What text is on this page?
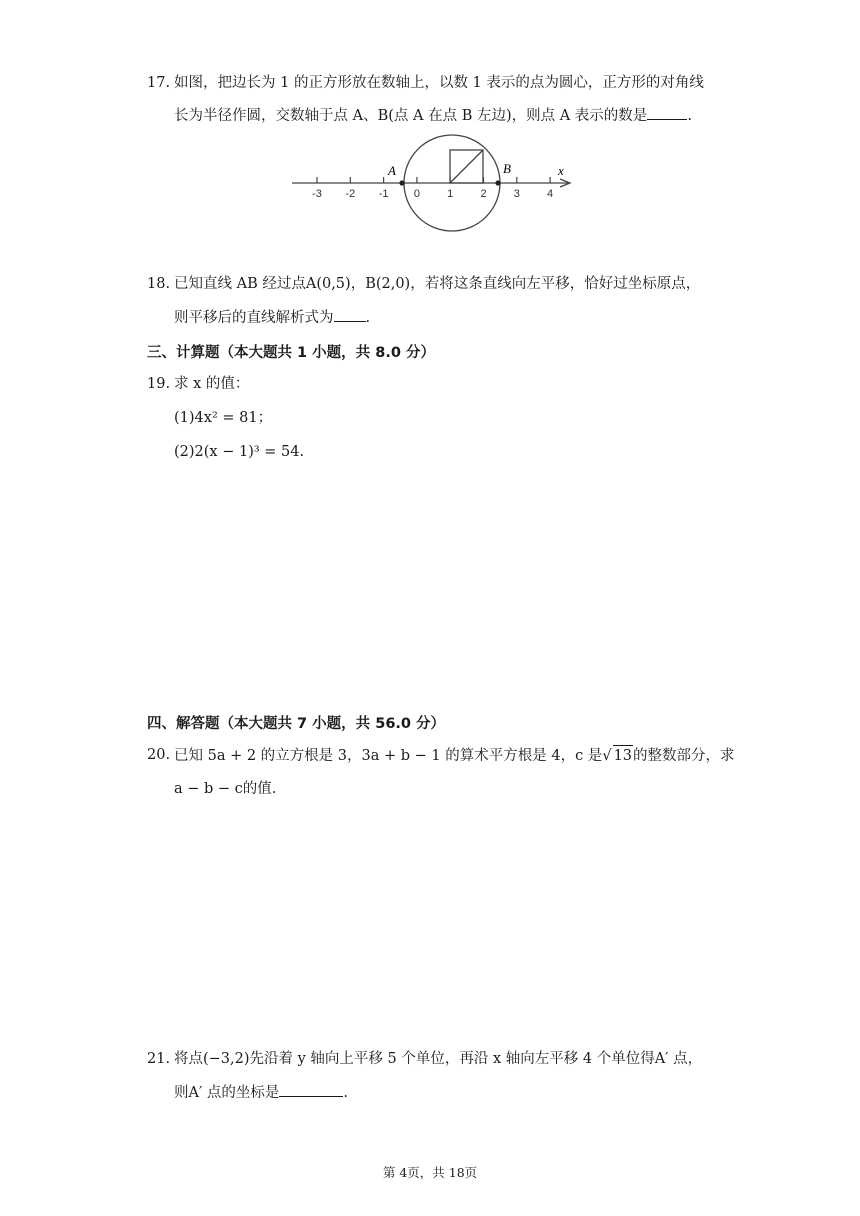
17. 如图，把边长为 1 的正方形放在数轴上，以数 1 表示的点为圆心，正方形的对角线
长为半径作圆，交数轴于点 A、B(点 A 在点 B 左边)，则点 A 表示的数是	.
x
-3 -2 -1 0 1 2 3 4
A	B
18. 已知直线 AB 经过点A(0,5)，B(2,0)，若将这条直线向左平移，恰好过坐标原点，
则平移后的直线解析式为 .
三、计算题（本大题共 1 小题，共 8.0 分）
19. 求 x 的值：
(1)4x² = 81；
(2)2(x − 1)³ = 54.
四、解答题（本大题共 7 小题，共 56.0 分）
20. 已知 5a + 2 的立方根是 3，3a + b − 1 的算术平方根是 4，c 是√ 13的整数部分，求
a − b − c的值.
21. 将点(−3,2)先沿着 y 轴向上平移 5 个单位，再沿 x 轴向左平移 4 个单位得A′ 点，
则A′ 点的坐标是	.
第 4页，共 18页
